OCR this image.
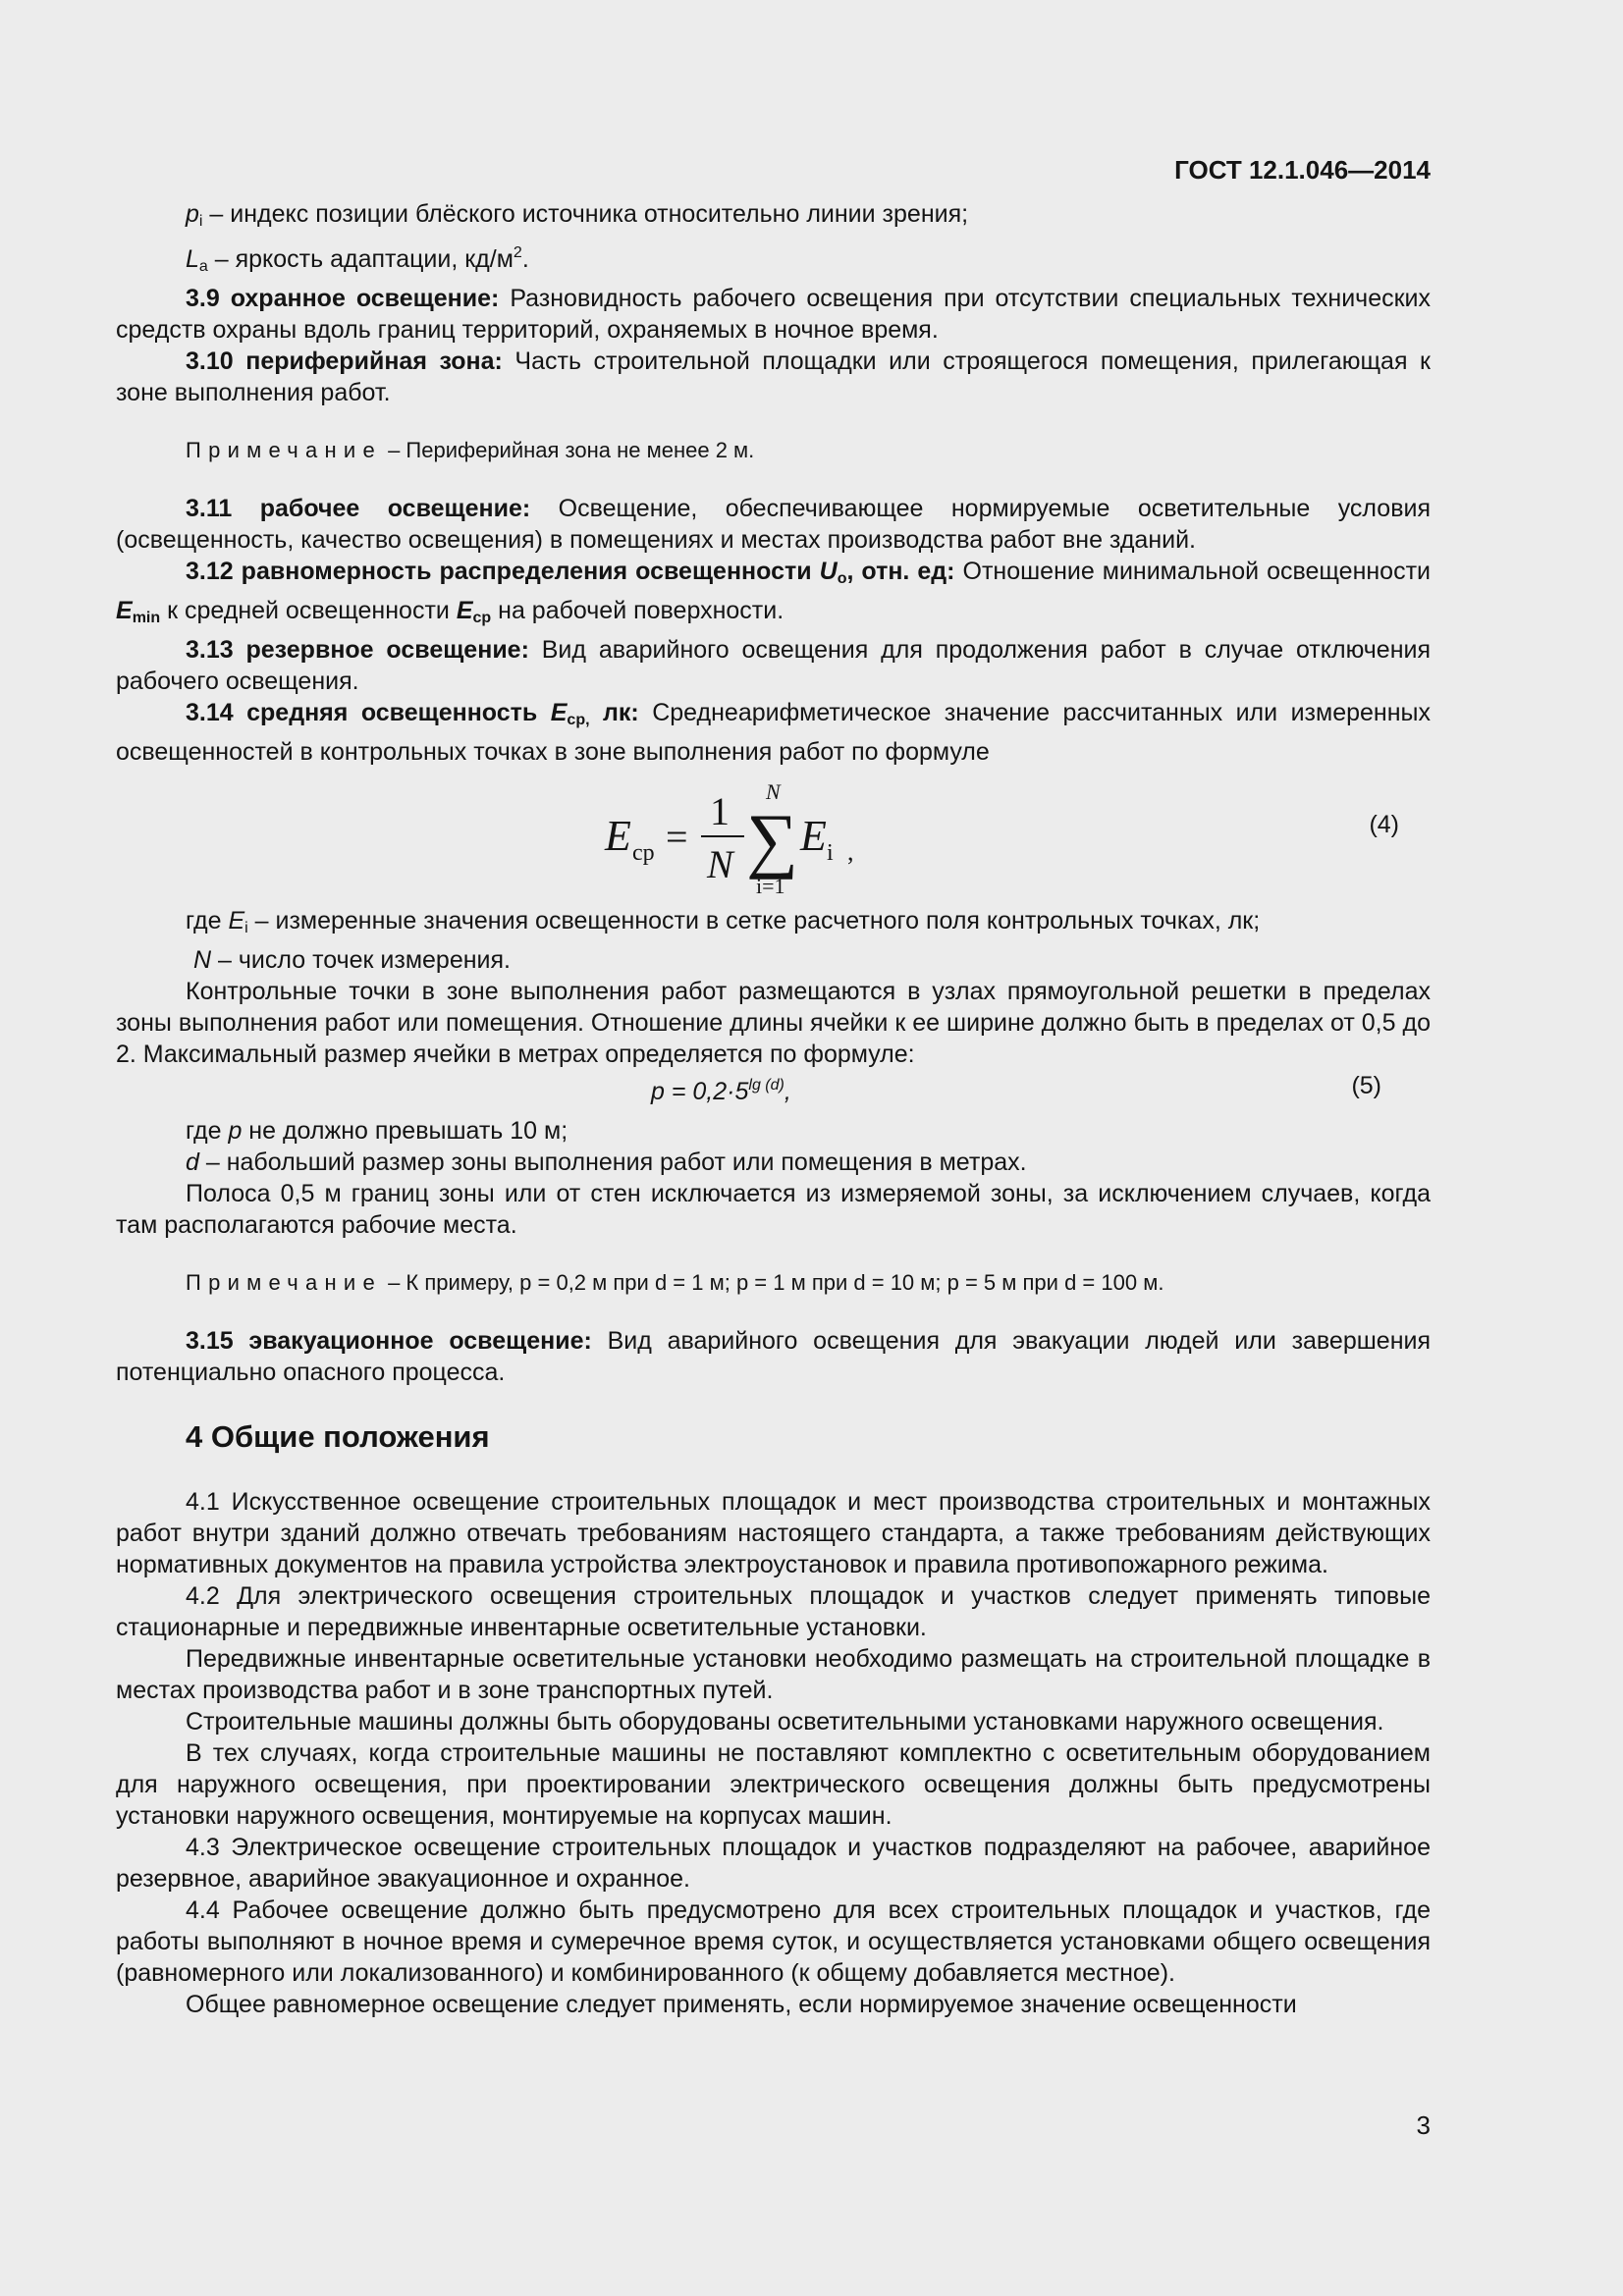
ГОСТ 12.1.046—2014

$p_i$ – индекс позиции блёского источника относительно линии зрения;

$L_a$ – яркость адаптации, $кд/м^2$.

3.9 охранное освещение: Разновидность рабочего освещения при отсутствии специальных технических средств охраны вдоль границ территорий, охраняемых в ночное время.

3.10 периферийная зона: Часть строительной площадки или строящегося помещения, прилегающая к зоне выполнения работ.

Примечание – Периферийная зона не менее 2 м.

3.11 рабочее освещение: Освещение, обеспечивающее нормируемые осветительные условия (освещенность, качество освещения) в помещениях и местах производства работ вне зданий.

3.12 равномерность распределения освещенности $U_o$, отн. ед: Отношение минимальной освещенности $E_{min}$ к средней освещенности $E_{cp}$ на рабочей поверхности.

3.13 резервное освещение: Вид аварийного освещения для продолжения работ в случае отключения рабочего освещения.

3.14 средняя освещенность $E_{cp,}$ лк: Среднеарифметическое значение рассчитанных или измеренных освещенностей в контрольных точках в зоне выполнения работ по формуле

E cp =
1
N
N
∑
i=1
E i ,
(4)

где $E_i$ – измеренные значения освещенности в сетке расчетного поля контрольных точках, лк;

N – число точек измерения.

Контрольные точки в зоне выполнения работ размещаются в узлах прямоугольной решетки в пределах зоны выполнения работ или помещения. Отношение длины ячейки к ее ширине должно быть в пределах от 0,5 до 2. Максимальный размер ячейки в метрах определяется по формуле:

$p = 0,2\cdot 5^{lg (d)}$,	(5)

где p не должно превышать 10 м;

d – набольший размер зоны выполнения работ или помещения в метрах.

Полоса 0,5 м границ зоны или от стен исключается из измеряемой зоны, за исключением случаев, когда там располагаются рабочие места.

Примечание – К примеру, p = 0,2 м при d = 1 м; p = 1 м при d = 10 м; p = 5 м при d = 100 м.

3.15 эвакуационное освещение: Вид аварийного освещения для эвакуации людей или завершения потенциально опасного процесса.

4 Общие положения

4.1 Искусственное освещение строительных площадок и мест производства строительных и монтажных работ внутри зданий должно отвечать требованиям настоящего стандарта, а также требованиям действующих нормативных документов на правила устройства электроустановок и правила противопожарного режима.

4.2 Для электрического освещения строительных площадок и участков следует применять типовые стационарные и передвижные инвентарные осветительные установки.

Передвижные инвентарные осветительные установки необходимо размещать на строительной площадке в местах производства работ и в зоне транспортных путей.

Строительные машины должны быть оборудованы осветительными установками наружного освещения.

В тех случаях, когда строительные машины не поставляют комплектно с осветительным оборудованием для наружного освещения, при проектировании электрического освещения должны быть предусмотрены установки наружного освещения, монтируемые на корпусах машин.

4.3 Электрическое освещение строительных площадок и участков подразделяют на рабочее, аварийное резервное, аварийное эвакуационное и охранное.

4.4 Рабочее освещение должно быть предусмотрено для всех строительных площадок и участков, где работы выполняют в ночное время и сумеречное время суток, и осуществляется установками общего освещения (равномерного или локализованного) и комбинированного (к общему добавляется местное).

Общее равномерное освещение следует применять, если нормируемое значение освещенности

3
